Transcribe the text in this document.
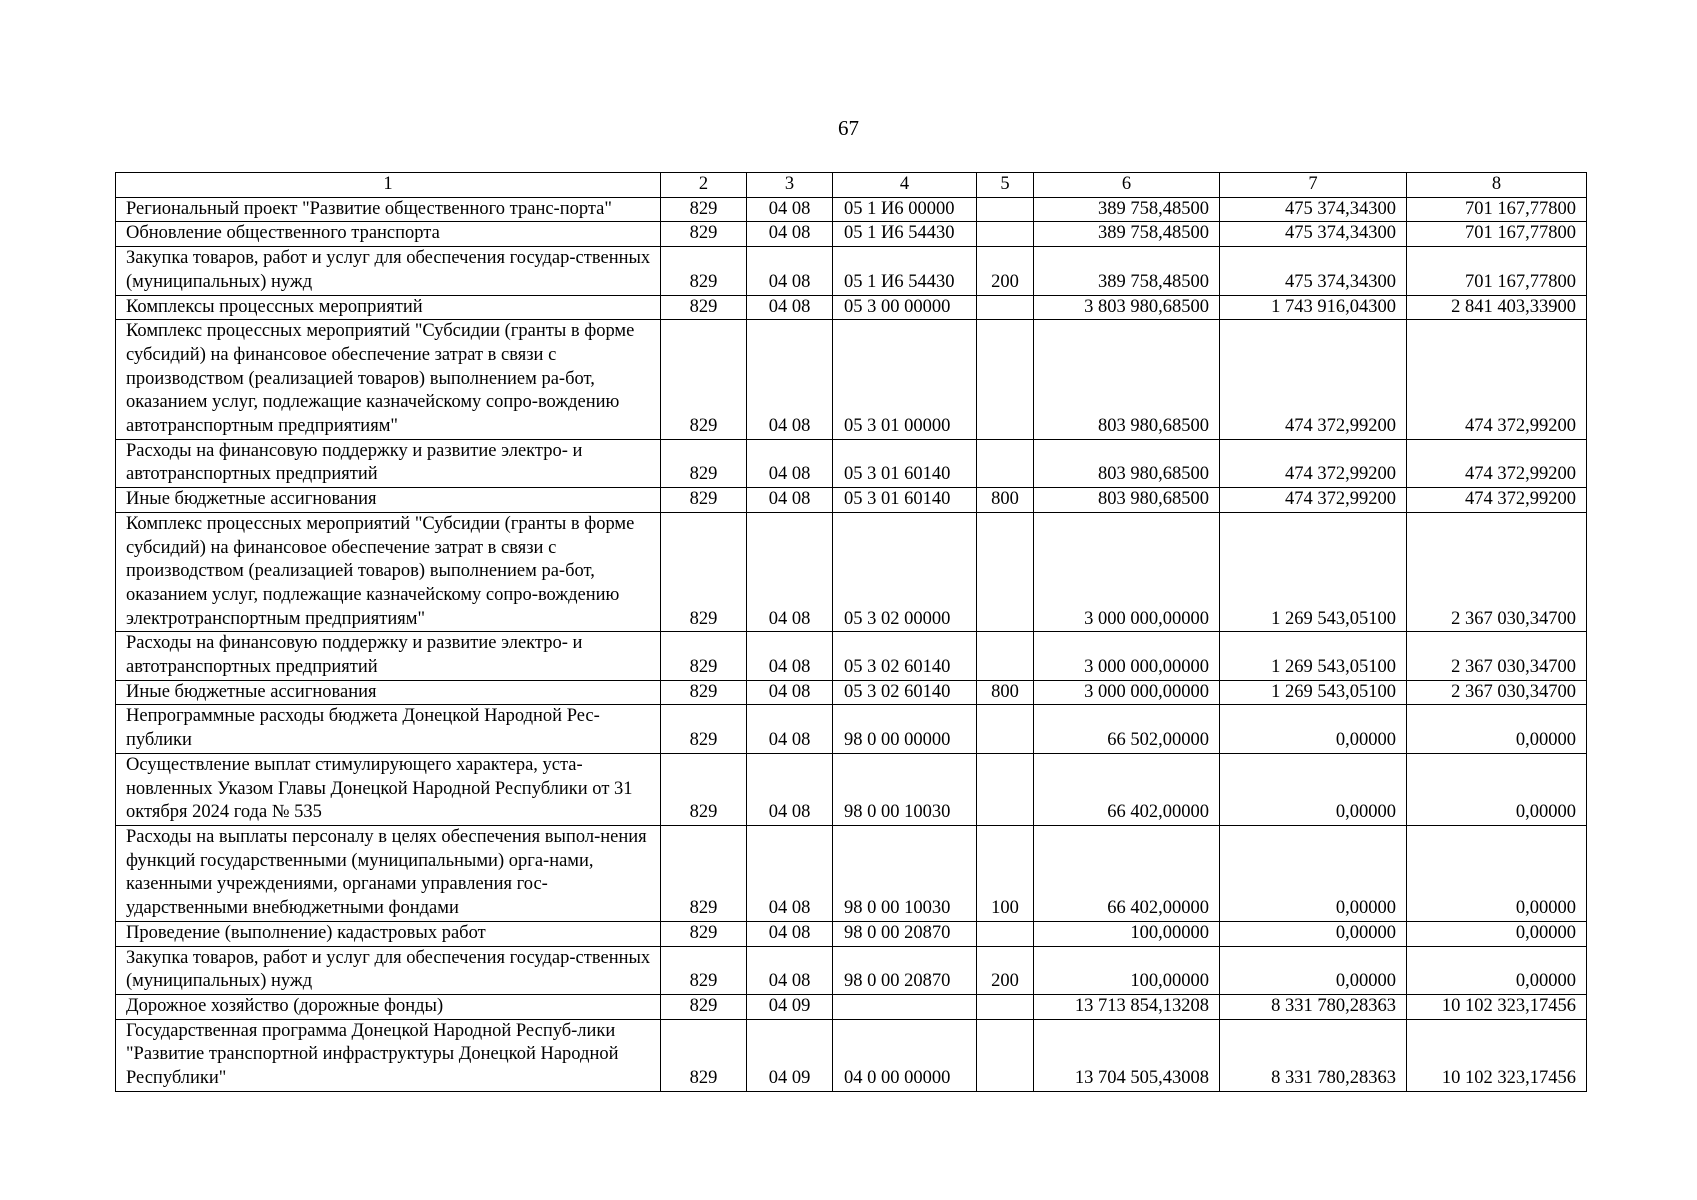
67
1	2	3	4	5	6	7	8
Региональный проект "Развитие общественного транс-порта"	829	04 08	05 1 И6 00000		389 758,48500	475 374,34300	701 167,77800
Обновление общественного транспорта	829	04 08	05 1 И6 54430		389 758,48500	475 374,34300	701 167,77800
Закупка товаров, работ и услуг для обеспечения государ-ственных (муниципальных) нужд	829	04 08	05 1 И6 54430	200	389 758,48500	475 374,34300	701 167,77800
Комплексы процессных мероприятий	829	04 08	05 3 00 00000		3 803 980,68500	1 743 916,04300	2 841 403,33900
Комплекс процессных мероприятий "Субсидии (гранты в форме субсидий) на финансовое обеспечение затрат в связи с производством (реализацией товаров) выполнением ра-бот, оказанием услуг, подлежащие казначейскому сопро-вождению автотранспортным предприятиям"	829	04 08	05 3 01 00000		803 980,68500	474 372,99200	474 372,99200
Расходы на финансовую поддержку и развитие электро- и автотранспортных предприятий	829	04 08	05 3 01 60140		803 980,68500	474 372,99200	474 372,99200
Иные бюджетные ассигнования	829	04 08	05 3 01 60140	800	803 980,68500	474 372,99200	474 372,99200
Комплекс процессных мероприятий "Субсидии (гранты в форме субсидий) на финансовое обеспечение затрат в связи с производством (реализацией товаров) выполнением ра-бот, оказанием услуг, подлежащие казначейскому сопро-вождению электротранспортным предприятиям"	829	04 08	05 3 02 00000		3 000 000,00000	1 269 543,05100	2 367 030,34700
Расходы на финансовую поддержку и развитие электро- и автотранспортных предприятий	829	04 08	05 3 02 60140		3 000 000,00000	1 269 543,05100	2 367 030,34700
Иные бюджетные ассигнования	829	04 08	05 3 02 60140	800	3 000 000,00000	1 269 543,05100	2 367 030,34700
Непрограммные расходы бюджета Донецкой Народной Рес-публики	829	04 08	98 0 00 00000		66 502,00000	0,00000	0,00000
Осуществление выплат стимулирующего характера, уста-новленных Указом Главы Донецкой Народной Республики от 31 октября 2024 года № 535	829	04 08	98 0 00 10030		66 402,00000	0,00000	0,00000
Расходы на выплаты персоналу в целях обеспечения выпол-нения функций государственными (муниципальными) орга-нами, казенными учреждениями, органами управления гос-ударственными внебюджетными фондами	829	04 08	98 0 00 10030	100	66 402,00000	0,00000	0,00000
Проведение (выполнение) кадастровых работ	829	04 08	98 0 00 20870		100,00000	0,00000	0,00000
Закупка товаров, работ и услуг для обеспечения государ-ственных (муниципальных) нужд	829	04 08	98 0 00 20870	200	100,00000	0,00000	0,00000
Дорожное хозяйство (дорожные фонды)	829	04 09			13 713 854,13208	8 331 780,28363	10 102 323,17456
Государственная программа Донецкой Народной Респуб-лики "Развитие транспортной инфраструктуры Донецкой Народной Республики"	829	04 09	04 0 00 00000		13 704 505,43008	8 331 780,28363	10 102 323,17456
